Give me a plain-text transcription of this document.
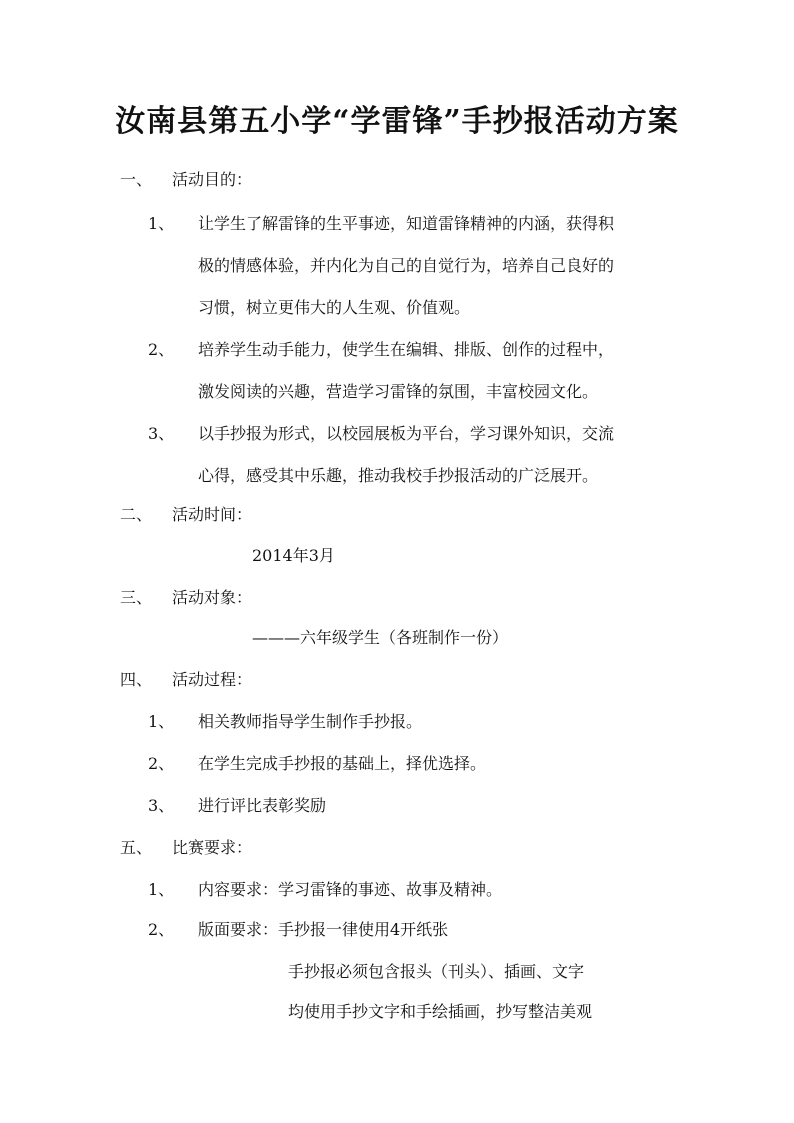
汝南县第五小学“学雷锋”手抄报活动方案
一、 活动目的：
1、 让学生了解雷锋的生平事迹，知道雷锋精神的内涵，获得积
极的情感体验，并内化为自己的自觉行为，培养自己良好的
习惯，树立更伟大的人生观、价值观。
2、 培养学生动手能力，使学生在编辑、排版、创作的过程中，
激发阅读的兴趣，营造学习雷锋的氛围，丰富校园文化。
3、 以手抄报为形式，以校园展板为平台，学习课外知识，交流
心得，感受其中乐趣，推动我校手抄报活动的广泛展开。
二、 活动时间：
2014年3月
三、 活动对象：
———六年级学生（各班制作一份）
四、 活动过程：
1、 相关教师指导学生制作手抄报。
2、 在学生完成手抄报的基础上，择优选择。
3、 进行评比表彰奖励
五、 比赛要求：
1、 内容要求：学习雷锋的事迹、故事及精神。
2、 版面要求：手抄报一律使用4开纸张
手抄报必须包含报头（刊头）、插画、文字
均使用手抄文字和手绘插画，抄写整洁美观
